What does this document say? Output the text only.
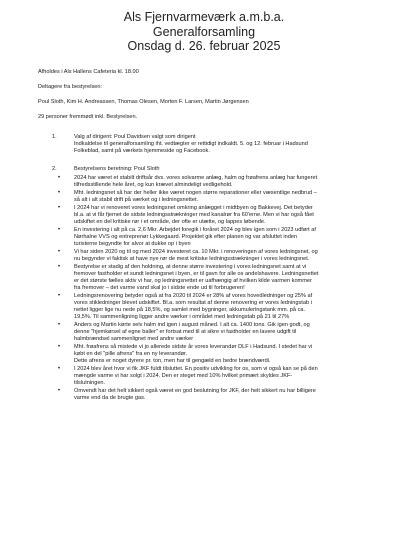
Als Fjernvarmeværk a.m.b.a.

Generalforsamling

Onsdag d. 26. februar 2025

Afholdes i Als Hallens Cafeteria kl. 18.00

Deltagere fra bestyrelsen:

Poul Sloth, Kim H. Andreassen, Thomas Olesen, Morten F. Larsen, Martin Jørgensen

29 personer fremmødt inkl. Bestyrelsen.

1.	Valg af dirigent: Poul Davidsen valgt som dirigent
Indkaldelse til generalforsamling iht. vedtægter er rettidigt indkaldt. 5. og 12. februar i Hadsund
Folkeblad, samt på værkets hjemmeside og Facebook.
2.	Bestyrelsens beretning: Poul Sloth
•	2024 har været et stabilt driftsår dvs. vores solvarme anlæg, halm og frøafrens anlæg har fungeret
tilfredsstillende hele året, og kun krævet almindeligt vedligehold.
•	Mht. ledningsnet så har der heller ikke været nogen større reparationer eller væsentlige nedbrud –
så alt i alt stabil drift på værket og i ledningsnettet.
•	I 2024 har vi renoveret vores ledningsnet omkring anlægget i midtbyen og Bakkevej. Det betyder
bl.a. at vi får fjernet de sidste ledningsstrækninger med kanalrør fra 60'erne. Men vi har også fået
udskiftet en del kritiske rør i et område, der ofte er utætte, og lappes løbende.
•	En investering i alt på ca. 2,6 Mkr. Arbejdet foregik i foråret 2024 og blev igen som i 2023 udført af
Nørhalne VVS og entreprenør Lykkegaard. Projektet gik efter planen og var afsluttet inden
turisterne begyndte for alvor at dukke op i byen
•	Vi har siden 2020 og til og med 2024 investeret ca. 10 Mkr. i renoveringen af vores ledningsnet, og
nu begynder vi faktisk at have nye rør de mest kritiske ledningsstrækninger i vores ledningsnet.
•	Bestyrelse er stadig af den holdning, at denne større investering i vores ledningsnet samt at vi
fremover fastholder et sundt ledningsnet i byen, er til gavn for alle os andelshavere. Ledningsnettet
er det største fælles aktiv vi har, og ledningsnettet er uafhængig af hvilken kilde varmen kommer
fra fremover – det varme vand skal jo i sidste ende ud til forbrugeren!
•	Ledningsrenovering betyder også at fra 2020 til 2024 er 28% af vores hovedledninger og 25% af
vores stikledninger blevet udskiftet. Bl.a. som resultat af denne renovering er vores ledningstab i
nettet ligger lige nu nede på 18,5%, og samlet med bygninger, akkumuleringstank mm. på ca.
19,5%. Til sammenligning ligger andre værker i området med ledningstab på 21 til 27%
•	Anders og Martin kørte selv halm ind igen i august måned. I alt ca. 1400 tons. Gik igen godt, og
denne "hjemkørsel af egne baller" er fortsat med til at sikre vi fastholder en lavere udgift til
halmbrændsel sammenlignet med andre værker
•	Mht. frøafrens så mistede vi jo allerede sidste år vores leverandør DLF i Hadsund. I stedet har vi
købt en del "pille afrens" fra en ny leverandør.
Dette afrens er noget dyrere pr. ton, men har til gengæld en bedre brændværdi.
•	I 2024 blev året hvor vi fik JKF fuldt tilsluttet. En positiv udvikling for os, som vi også kan se på den
mængde varme vi har solgt i 2024. Den er steget med 10% hvilket primært skyldes JKF-
tilslutningen.
•	Omvendt har det helt sikkert også været en god beslutning for JKF, der helt sikkert nu har billigere
varme end da de brugte gas.
